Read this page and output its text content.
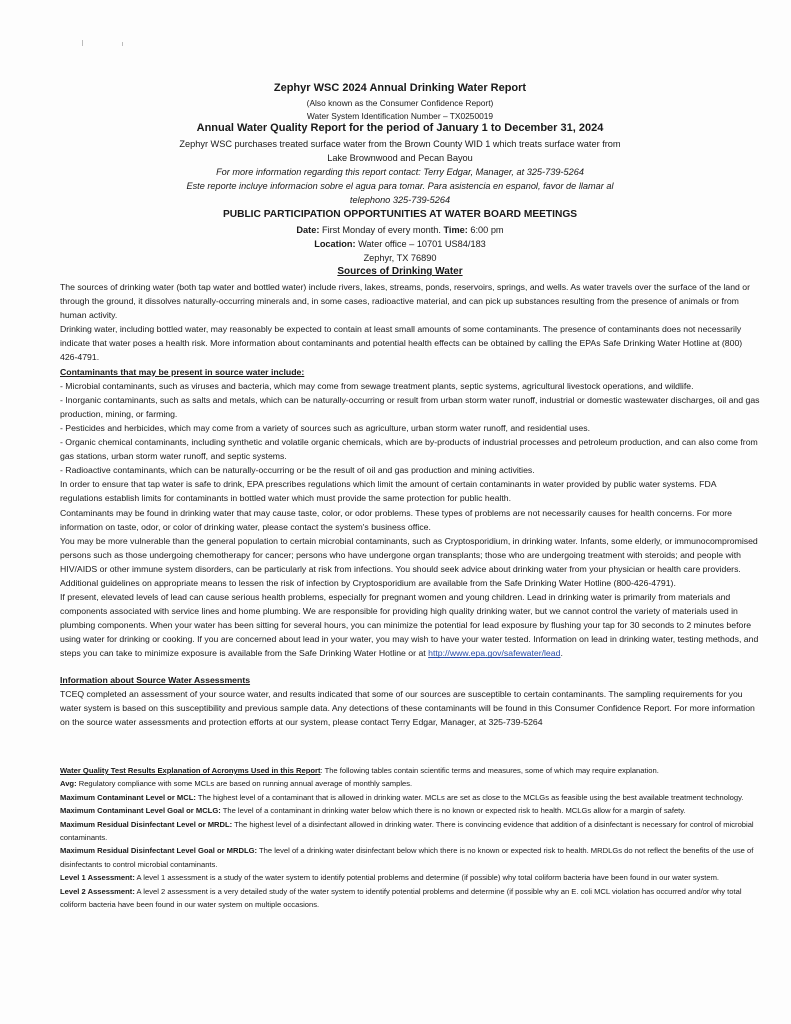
Zephyr WSC 2024 Annual Drinking Water Report
(Also known as the Consumer Confidence Report)
Water System Identification Number – TX0250019
Annual Water Quality Report for the period of January 1 to December 31, 2024
Zephyr WSC purchases treated surface water from the Brown County WID 1 which treats surface water from
Lake Brownwood and Pecan Bayou
For more information regarding this report contact: Terry Edgar, Manager, at 325-739-5264
Este reporte incluye informacion sobre el agua para tomar. Para asistencia en espanol, favor de llamar al
telephono 325-739-5264
PUBLIC PARTICIPATION OPPORTUNITIES AT WATER BOARD MEETINGS
Date: First Monday of every month. Time: 6:00 pm
Location: Water office – 10701 US84/183
Zephyr, TX 76890
Sources of Drinking Water

The sources of drinking water (both tap water and bottled water) include rivers, lakes, streams, ponds, reservoirs, springs, and wells. As water travels over the surface of the land or through the ground, it dissolves naturally-occurring minerals and, in some cases, radioactive material, and can pick up substances resulting from the presence of animals or from human activity.

Drinking water, including bottled water, may reasonably be expected to contain at least small amounts of some contaminants. The presence of contaminants does not necessarily indicate that water poses a health risk. More information about contaminants and potential health effects can be obtained by calling the EPAs Safe Drinking Water Hotline at (800) 426-4791.

Contaminants that may be present in source water include:

- Microbial contaminants, such as viruses and bacteria, which may come from sewage treatment plants, septic systems, agricultural livestock operations, and wildlife.

- Inorganic contaminants, such as salts and metals, which can be naturally-occurring or result from urban storm water runoff, industrial or domestic wastewater discharges, oil and gas production, mining, or farming.

- Pesticides and herbicides, which may come from a variety of sources such as agriculture, urban storm water runoff, and residential uses.

- Organic chemical contaminants, including synthetic and volatile organic chemicals, which are by-products of industrial processes and petroleum production, and can also come from gas stations, urban storm water runoff, and septic systems.

- Radioactive contaminants, which can be naturally-occurring or be the result of oil and gas production and mining activities.

In order to ensure that tap water is safe to drink, EPA prescribes regulations which limit the amount of certain contaminants in water provided by public water systems. FDA regulations establish limits for contaminants in bottled water which must provide the same protection for public health.

Contaminants may be found in drinking water that may cause taste, color, or odor problems. These types of problems are not necessarily causes for health concerns. For more information on taste, odor, or color of drinking water, please contact the system's business office.

You may be more vulnerable than the general population to certain microbial contaminants, such as Cryptosporidium, in drinking water. Infants, some elderly, or immunocompromised persons such as those undergoing chemotherapy for cancer; persons who have undergone organ transplants; those who are undergoing treatment with steroids; and people with HIV/AIDS or other immune system disorders, can be particularly at risk from infections. You should seek advice about drinking water from your physician or health care providers. Additional guidelines on appropriate means to lessen the risk of infection by Cryptosporidium are available from the Safe Drinking Water Hotline (800-426-4791).

If present, elevated levels of lead can cause serious health problems, especially for pregnant women and young children. Lead in drinking water is primarily from materials and components associated with service lines and home plumbing. We are responsible for providing high quality drinking water, but we cannot control the variety of materials used in plumbing components. When your water has been sitting for several hours, you can minimize the potential for lead exposure by flushing your tap for 30 seconds to 2 minutes before using water for drinking or cooking. If you are concerned about lead in your water, you may wish to have your water tested. Information on lead in drinking water, testing methods, and steps you can take to minimize exposure is available from the Safe Drinking Water Hotline or at http://www.epa.gov/safewater/lead.

Information about Source Water Assessments

TCEQ completed an assessment of your source water, and results indicated that some of our sources are susceptible to certain contaminants. The sampling requirements for you water system is based on this susceptibility and previous sample data. Any detections of these contaminants will be found in this Consumer Confidence Report. For more information on the source water assessments and protection efforts at our system, please contact Terry Edgar, Manager, at 325-739-5264

Water Quality Test Results Explanation of Acronyms Used in this Report: The following tables contain scientific terms and measures, some of which may require explanation.

Avg: Regulatory compliance with some MCLs are based on running annual average of monthly samples.

Maximum Contaminant Level or MCL: The highest level of a contaminant that is allowed in drinking water. MCLs are set as close to the MCLGs as feasible using the best available treatment technology.

Maximum Contaminant Level Goal or MCLG: The level of a contaminant in drinking water below which there is no known or expected risk to health. MCLGs allow for a margin of safety.

Maximum Residual Disinfectant Level or MRDL: The highest level of a disinfectant allowed in drinking water. There is convincing evidence that addition of a disinfectant is necessary for control of microbial contaminants.

Maximum Residual Disinfectant Level Goal or MRDLG: The level of a drinking water disinfectant below which there is no known or expected risk to health. MRDLGs do not reflect the benefits of the use of disinfectants to control microbial contaminants.

Level 1 Assessment: A level 1 assessment is a study of the water system to identify potential problems and determine (if possible) why total coliform bacteria have been found in our water system.

Level 2 Assessment: A level 2 assessment is a very detailed study of the water system to identify potential problems and determine (if possible why an E. coli MCL violation has occurred and/or why total coliform bacteria have been found in our water system on multiple occasions.
